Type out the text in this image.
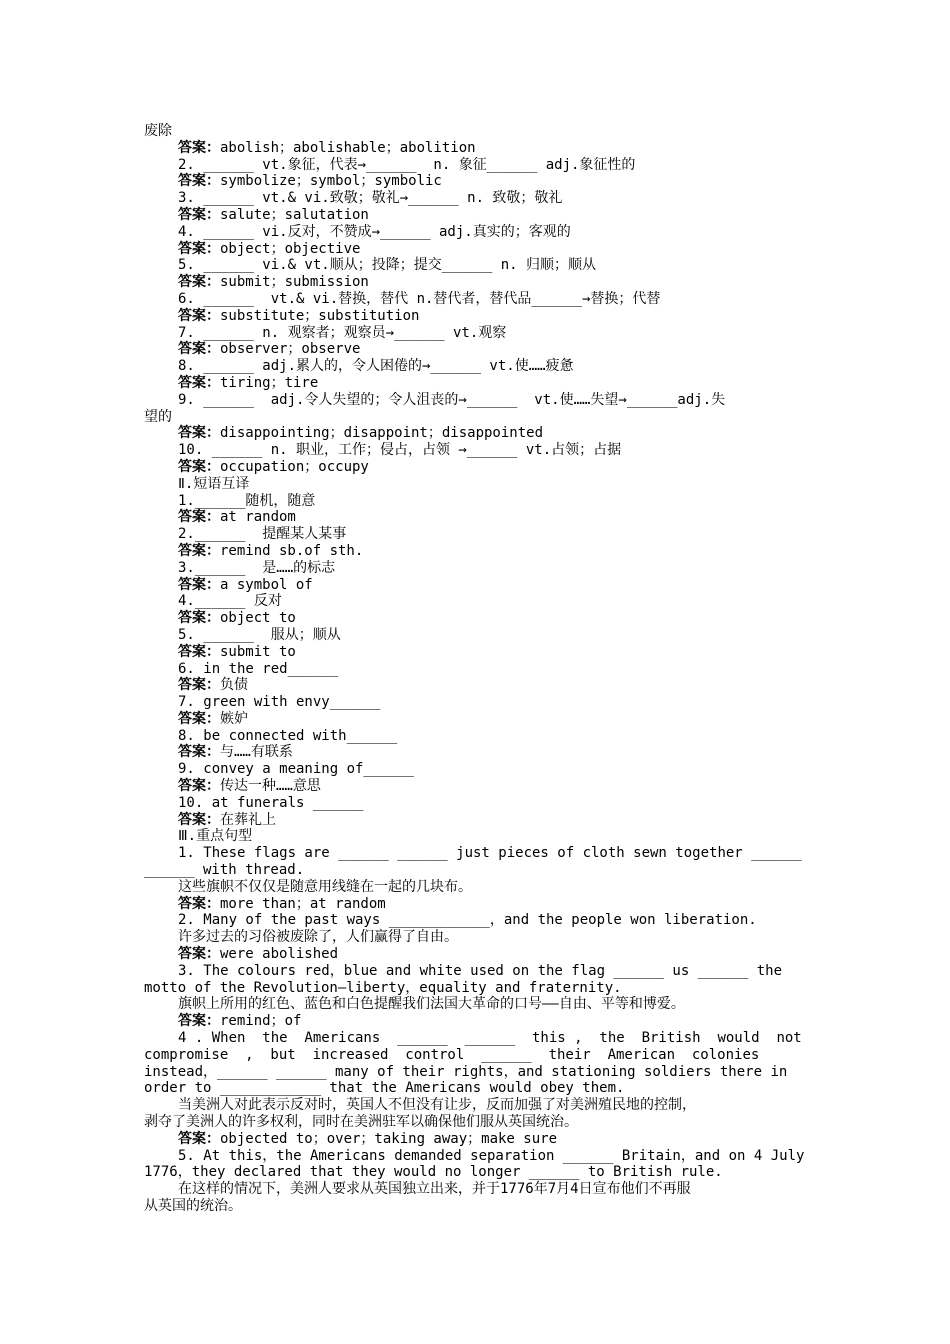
废除
答案：abolish；abolishable；abolition
2. ______ vt.象征，代表→______  n. 象征______ adj.象征性的
答案：symbolize；symbol；symbolic
3. ______ vt.& vi.致敬；敬礼→______ n. 致敬；敬礼
答案：salute；salutation
4. ______ vi.反对，不赞成→______ adj.真实的；客观的
答案：object；objective
5. ______ vi.& vt.顺从；投降；提交______ n. 归顺；顺从
答案：submit；submission
6. ______  vt.& vi.替换，替代 n.替代者，替代品______→替换；代替
答案：substitute；substitution
7. ______ n. 观察者；观察员→______ vt.观察
答案：observer；observe
8. ______ adj.累人的，令人困倦的→______ vt.使……疲惫
答案：tiring；tire
9. ______  adj.令人失望的；令人沮丧的→______  vt.使……失望→______adj.失
望的
答案：disappointing；disappoint；disappointed
10. ______ n. 职业，工作；侵占，占领 →______ vt.占领；占据
答案：occupation；occupy
Ⅱ.短语互译
1.______随机，随意
答案：at random
2.______  提醒某人某事
答案：remind sb.of sth.
3.______  是……的标志
答案：a symbol of
4.______ 反对
答案：object to
5. ______  服从；顺从
答案：submit to
6. in the red______
答案：负债
7. green with envy______
答案：嫉妒
8. be connected with______
答案：与……有联系
9. convey a meaning of______
答案：传达一种……意思
10. at funerals ______
答案：在葬礼上
Ⅲ.重点句型
1. These flags are ______ ______ just pieces of cloth sewn together ______
______ with thread.
这些旗帜不仅仅是随意用线缝在一起的几块布。
答案：more than；at random
2. Many of the past ways ____________，and the people won liberation.
许多过去的习俗被废除了，人们赢得了自由。
答案：were abolished
3. The colours red，blue and white used on the flag ______ us ______ the
motto of the Revolution—liberty，equality and fraternity.
旗帜上所用的红色、蓝色和白色提醒我们法国大革命的口号——自由、平等和博爱。
答案：remind；of
4 . When  the  Americans  ______  ______  this ,  the  British  would  not
compromise  ,  but  increased  control  ______  their  American  colonies
instead，______ ______ many of their rights，and stationing soldiers there in
order to ____________ that the Americans would obey them.
当美洲人对此表示反对时，英国人不但没有让步，反而加强了对美洲殖民地的控制，
剥夺了美洲人的许多权利，同时在美洲驻军以确保他们服从英国统治。
答案：objected to；over；taking away；make sure
5. At this，the Americans demanded separation ______ Britain，and on 4 July
1776，they declared that they would no longer ______ to British rule.
在这样的情况下，美洲人要求从英国独立出来，并于1776年7月4日宣布他们不再服
从英国的统治。
